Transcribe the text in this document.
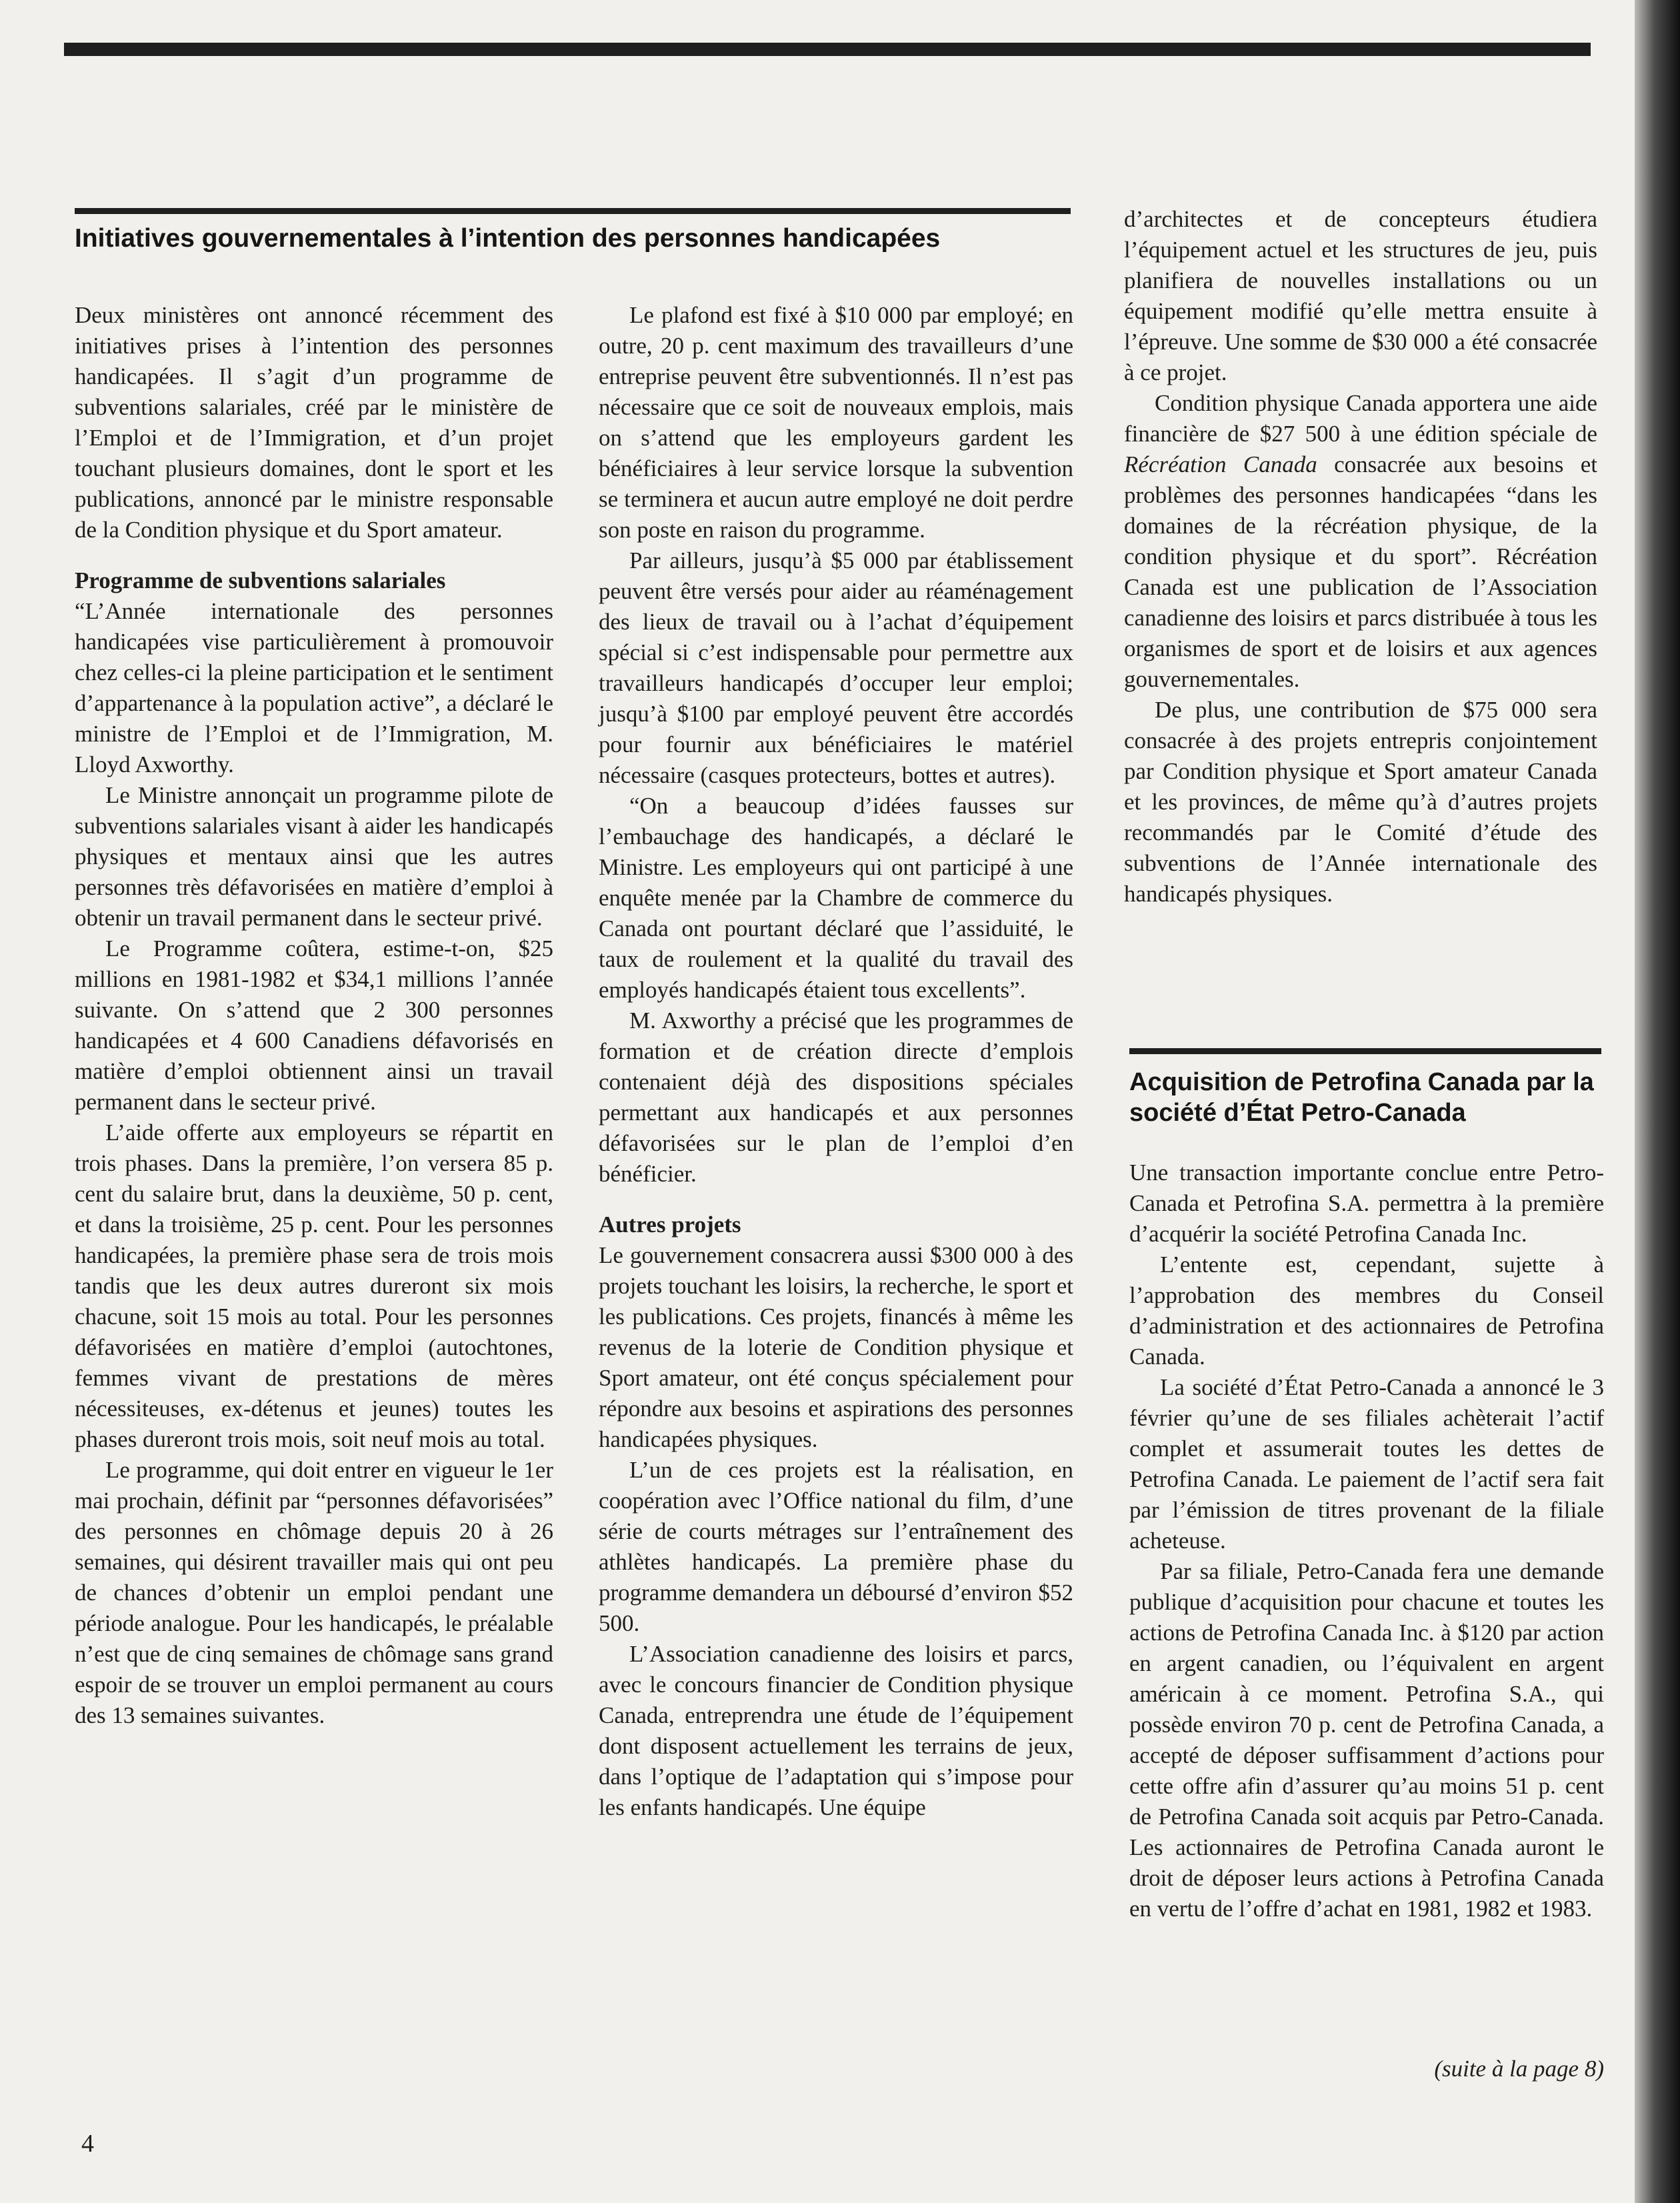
Initiatives gouvernementales à l’intention des personnes handicapées

Deux ministères ont annoncé récemment des initiatives prises à l’intention des personnes handicapées. Il s’agit d’un programme de subventions salariales, créé par le ministère de l’Emploi et de l’Immigration, et d’un projet touchant plusieurs domaines, dont le sport et les publications, annoncé par le ministre responsable de la Condition physique et du Sport amateur.

Programme de subventions salariales

“L’Année internationale des personnes handicapées vise particulièrement à promouvoir chez celles-ci la pleine participation et le sentiment d’appartenance à la population active”, a déclaré le ministre de l’Emploi et de l’Immigration, M. Lloyd Axworthy.

Le Ministre annonçait un programme pilote de subventions salariales visant à aider les handicapés physiques et mentaux ainsi que les autres personnes très défavorisées en matière d’emploi à obtenir un travail permanent dans le secteur privé.

Le Programme coûtera, estime-t-on, $25 millions en 1981-1982 et $34,1 millions l’année suivante. On s’attend que 2 300 personnes handicapées et 4 600 Canadiens défavorisés en matière d’emploi obtiennent ainsi un travail permanent dans le secteur privé.

L’aide offerte aux employeurs se répartit en trois phases. Dans la première, l’on versera 85 p. cent du salaire brut, dans la deuxième, 50 p. cent, et dans la troisième, 25 p. cent. Pour les personnes handicapées, la première phase sera de trois mois tandis que les deux autres dureront six mois chacune, soit 15 mois au total. Pour les personnes défavorisées en matière d’emploi (autochtones, femmes vivant de prestations de mères nécessiteuses, ex-détenus et jeunes) toutes les phases dureront trois mois, soit neuf mois au total.

Le programme, qui doit entrer en vigueur le 1er mai prochain, définit par “personnes défavorisées” des personnes en chômage depuis 20 à 26 semaines, qui désirent travailler mais qui ont peu de chances d’obtenir un emploi pendant une période analogue. Pour les handicapés, le préalable n’est que de cinq semaines de chômage sans grand espoir de se trouver un emploi permanent au cours des 13 semaines suivantes.

Le plafond est fixé à $10 000 par employé; en outre, 20 p. cent maximum des travailleurs d’une entreprise peuvent être subventionnés. Il n’est pas nécessaire que ce soit de nouveaux emplois, mais on s’attend que les employeurs gardent les bénéficiaires à leur service lorsque la subvention se terminera et aucun autre employé ne doit perdre son poste en raison du programme.

Par ailleurs, jusqu’à $5 000 par établissement peuvent être versés pour aider au réaménagement des lieux de travail ou à l’achat d’équipement spécial si c’est indispensable pour permettre aux travailleurs handicapés d’occuper leur emploi; jusqu’à $100 par employé peuvent être accordés pour fournir aux bénéficiaires le matériel nécessaire (casques protecteurs, bottes et autres).

“On a beaucoup d’idées fausses sur l’embauchage des handicapés, a déclaré le Ministre. Les employeurs qui ont participé à une enquête menée par la Chambre de commerce du Canada ont pourtant déclaré que l’assiduité, le taux de roulement et la qualité du travail des employés handicapés étaient tous excellents”.

M. Axworthy a précisé que les programmes de formation et de création directe d’emplois contenaient déjà des dispositions spéciales permettant aux handicapés et aux personnes défavorisées sur le plan de l’emploi d’en bénéficier.

Autres projets

Le gouvernement consacrera aussi $300 000 à des projets touchant les loisirs, la recherche, le sport et les publications. Ces projets, financés à même les revenus de la loterie de Condition physique et Sport amateur, ont été conçus spécialement pour répondre aux besoins et aspirations des personnes handicapées physiques.

L’un de ces projets est la réalisation, en coopération avec l’Office national du film, d’une série de courts métrages sur l’entraînement des athlètes handicapés. La première phase du programme demandera un déboursé d’environ $52 500.

L’Association canadienne des loisirs et parcs, avec le concours financier de Condition physique Canada, entreprendra une étude de l’équipement dont disposent actuellement les terrains de jeux, dans l’optique de l’adaptation qui s’impose pour les enfants handicapés. Une équipe

d’architectes et de concepteurs étudiera l’équipement actuel et les structures de jeu, puis planifiera de nouvelles installations ou un équipement modifié qu’elle mettra ensuite à l’épreuve. Une somme de $30 000 a été consacrée à ce projet.

Condition physique Canada apportera une aide financière de $27 500 à une édition spéciale de Récréation Canada consacrée aux besoins et problèmes des personnes handicapées “dans les domaines de la récréation physique, de la condition physique et du sport”. Récréation Canada est une publication de l’Association canadienne des loisirs et parcs distribuée à tous les organismes de sport et de loisirs et aux agences gouvernementales.

De plus, une contribution de $75 000 sera consacrée à des projets entrepris conjointement par Condition physique et Sport amateur Canada et les provinces, de même qu’à d’autres projets recommandés par le Comité d’étude des subventions de l’Année internationale des handicapés physiques.

Acquisition de Petrofina Canada par la société d’État Petro-Canada

Une transaction importante conclue entre Petro-Canada et Petrofina S.A. permettra à la première d’acquérir la société Petrofina Canada Inc.

L’entente est, cependant, sujette à l’approbation des membres du Conseil d’administration et des actionnaires de Petrofina Canada.

La société d’État Petro-Canada a annoncé le 3 février qu’une de ses filiales achèterait l’actif complet et assumerait toutes les dettes de Petrofina Canada. Le paiement de l’actif sera fait par l’émission de titres provenant de la filiale acheteuse.

Par sa filiale, Petro-Canada fera une demande publique d’acquisition pour chacune et toutes les actions de Petrofina Canada Inc. à $120 par action en argent canadien, ou l’équivalent en argent américain à ce moment. Petrofina S.A., qui possède environ 70 p. cent de Petrofina Canada, a accepté de déposer suffisamment d’actions pour cette offre afin d’assurer qu’au moins 51 p. cent de Petrofina Canada soit acquis par Petro-Canada. Les actionnaires de Petrofina Canada auront le droit de déposer leurs actions à Petrofina Canada en vertu de l’offre d’achat en 1981, 1982 et 1983.

(suite à la page 8)
4
